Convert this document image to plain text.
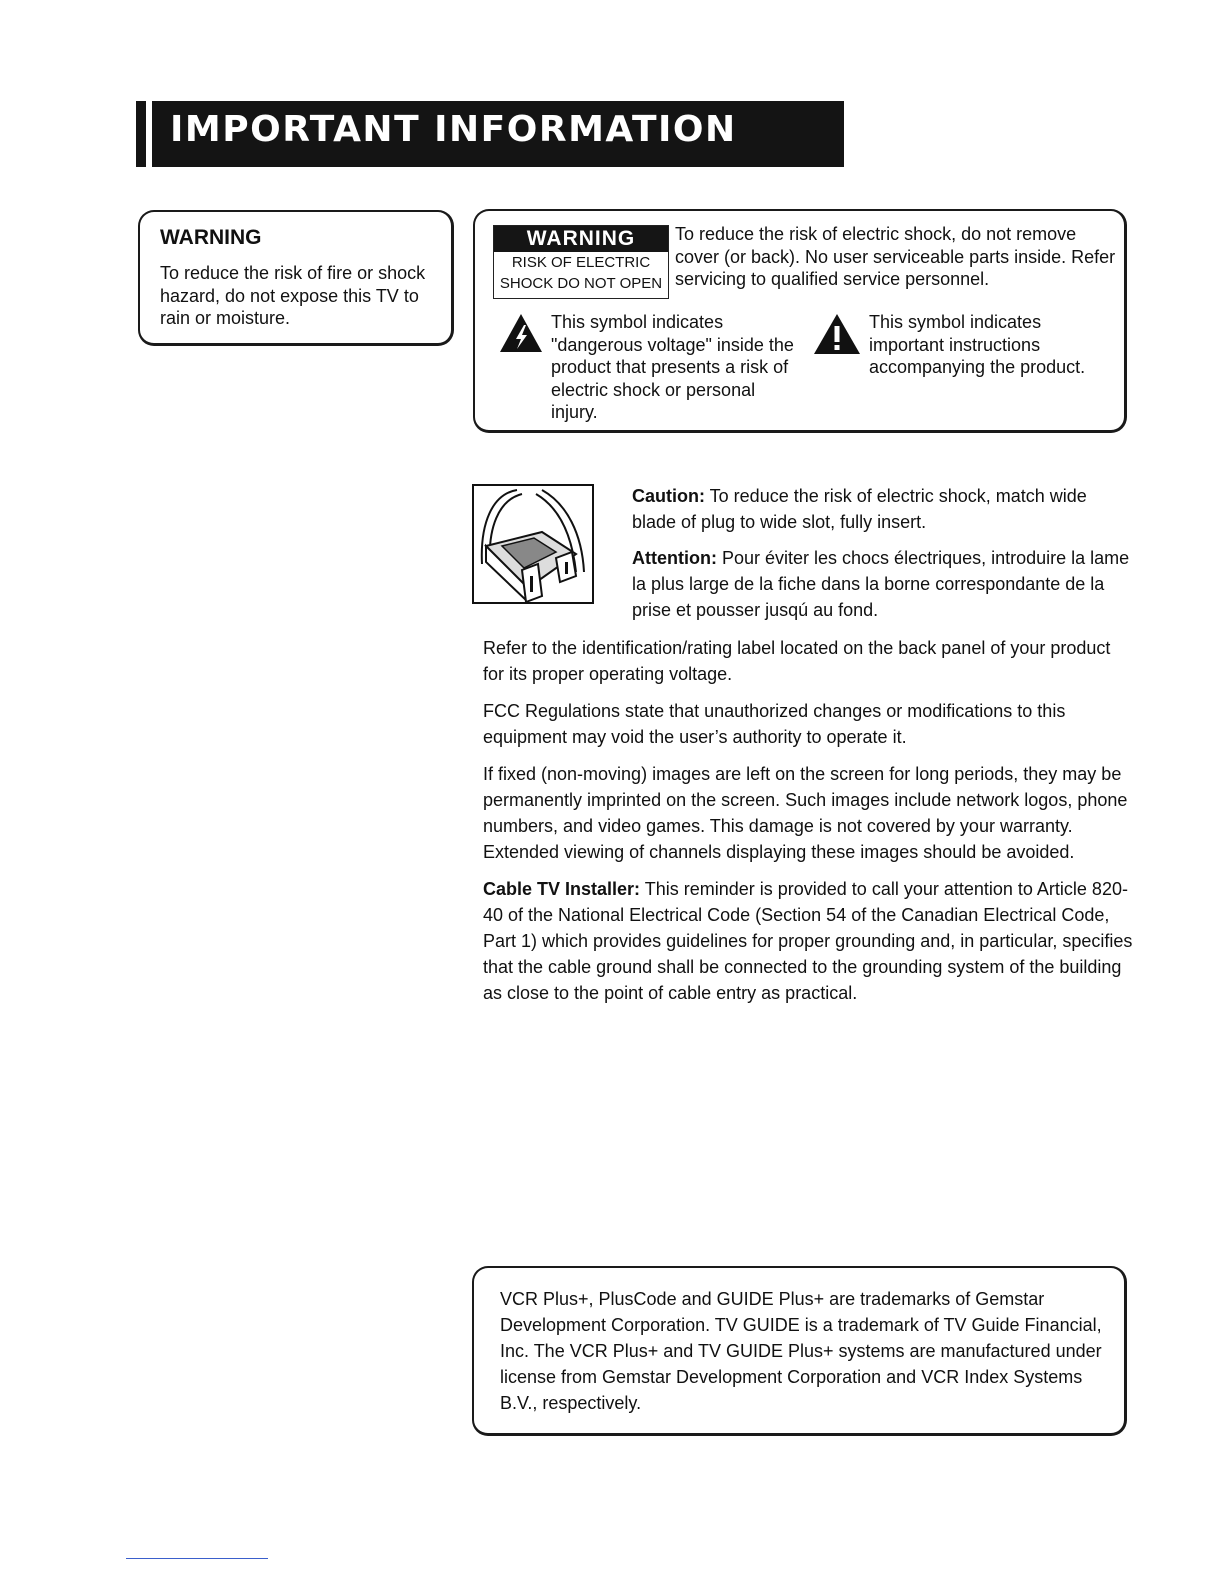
IMPORTANT INFORMATION
WARNING

To reduce the risk of fire or shock hazard, do not expose this TV to rain or moisture.

WARNING
RISK OF ELECTRIC
SHOCK DO NOT OPEN

To reduce the risk of electric shock, do not remove cover (or back). No user serviceable parts inside. Refer servicing to qualified service personnel.

This symbol indicates "dangerous voltage" inside the product that presents a risk of electric shock or personal injury.

This symbol indicates important instructions accompanying the product.

Caution: To reduce the risk of electric shock, match wide blade of plug to wide slot, fully insert.

Attention: Pour éviter les chocs électriques, introduire la lame la plus large de la fiche dans la borne correspondante de la prise et pousser jusqú au fond.

Refer to the identification/rating label located on the back panel of your product for its proper operating voltage.

FCC Regulations state that unauthorized changes or modifications to this equipment may void the user’s authority to operate it.

If fixed (non-moving) images are left on the screen for long periods, they may be permanently imprinted on the screen. Such images include network logos, phone numbers, and video games. This damage is not covered by your warranty. Extended viewing of channels displaying these images should be avoided.

Cable TV Installer: This reminder is provided to call your attention to Article 820-40 of the National Electrical Code (Section 54 of the Canadian Electrical Code, Part 1) which provides guidelines for proper grounding and, in particular, specifies that the cable ground shall be connected to the grounding system of the building as close to the point of cable entry as practical.

VCR Plus+, PlusCode and GUIDE Plus+ are trademarks of Gemstar Development Corporation. TV GUIDE is a trademark of TV Guide Financial, Inc. The VCR Plus+ and TV GUIDE Plus+ systems are manufactured under license from Gemstar Development Corporation and VCR Index Systems B.V., respectively.
